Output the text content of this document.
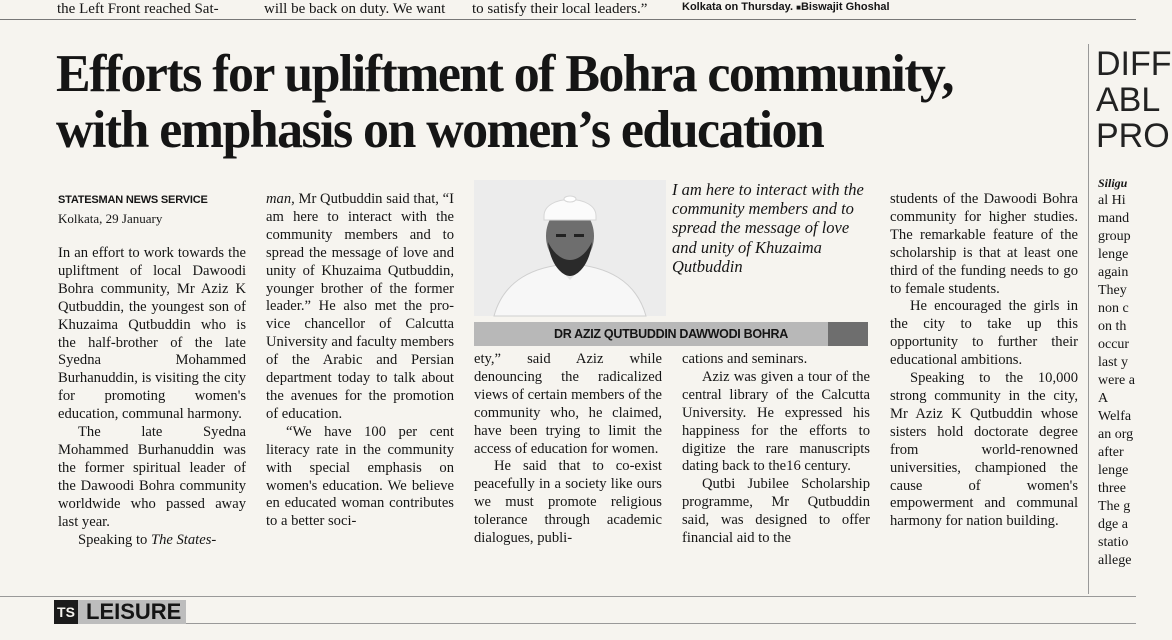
the Left Front reached Sat-	will be back on duty. We want to satisfy their local leaders.”	Kolkata on Thursday. ■Biswajit Ghoshal
Efforts for upliftment of Bohra community,
with emphasis on women’s education
DIFF
ABL
PRO
STATESMAN NEWS SERVICE
Kolkata, 29 January

In an effort to work towards the upliftment of local Dawoodi Bohra community, Mr Aziz K Qutbuddin, the youngest son of Khuzaima Qutbuddin who is the half-brother of the late Syedna Mohammed Burhanuddin, is visiting the city for promoting women's education, communal harmony.

The late Syedna Mohammed Burhanuddin was the former spiritual leader of the Dawoodi Bohra community worldwide who passed away last year.

Speaking to The States-

man, Mr Qutbuddin said that, “I am here to interact with the community members and to spread the message of love and unity of Khuzaima Qutbuddin, younger brother of the former leader.” He also met the pro-vice chancellor of Calcutta University and faculty members of the Arabic and Persian department today to talk about the avenues for the promotion of education.

“We have 100 per cent literacy rate in the community with special emphasis on women's education. We believe en educated woman contributes to a better soci-

I am here to interact with the community members and to spread the message of love and unity of Khuzaima Qutbuddin
DR AZIZ QUTBUDDIN DAWWODI BOHRA

ety,” said Aziz while denouncing the radicalized views of certain members of the community who, he claimed, have been trying to limit the access of education for women.

He said that to co-exist peacefully in a society like ours we must promote religious tolerance through academic dialogues, publi-

cations and seminars.

Aziz was given a tour of the central library of the Calcutta University. He expressed his happiness for the efforts to digitize the rare manuscripts dating back to the16 century.

Qutbi Jubilee Scholarship programme, Mr Qutbuddin said, was designed to offer financial aid to the

students of the Dawoodi Bohra community for higher studies. The remarkable feature of the scholarship is that at least one third of the funding needs to go to female students.

He encouraged the girls in the city to take up this opportunity to further their educational ambitions.

Speaking to the 10,000 strong community in the city, Mr Aziz K Qutbuddin whose sisters hold doctorate degree from world-renowned universities, championed the cause of women's empowerment and communal harmony for nation building.

Siligu
al Hi
mand
group
lenge
again
They
non c
on th
occur
last y
were a
A
Welfa
an org
after
lenge
three
The g
dge a
statio
allege
TS LEISURE
